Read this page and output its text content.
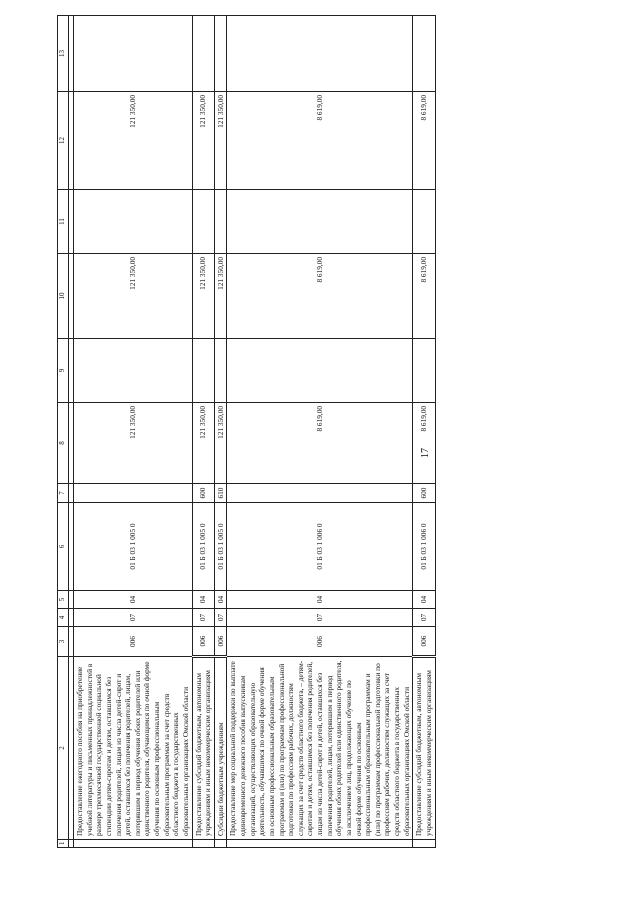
17
1	2	3	4	5	6	7	8	9	10	11	12	13

	Предоставление ежегодного пособия на приобретение учебной литературы и письменных принадлежностей в размере трехмесячной государственной социальной стипендии детям-сиротам и детям, оставшимся без попечения родителей, лицам из числа детей-сирот и детей, оставшихся без попечения родителей, лицам, потерявшим в период обучения обоих родителей или единственного родителя, обучающимся по очной форме обучения по основным профессиональным образовательным программам за счет средств областного бюджета в государственных образовательных организациях Омской области	006	07	04	01 Б 03 1 005 0		121 350,00		121 350,00		121 350,00	
	Предоставление субсидий бюджетным, автономным учреждениям и иным некоммерческим организациям	006	07	04	01 Б 03 1 005 0	600	121 350,00		121 350,00		121 350,00	
	Субсидии бюджетным учреждениям	006	07	04	01 Б 03 1 005 0	610	121 350,00		121 350,00		121 350,00	
	Предоставление мер социальной поддержки по выплате единовременного денежного пособия выпускникам организаций, осуществляющих образовательную деятельность, обучавшимся по очной форме обучения по основным профессиональным образовательным программам и (или) по программам профессиональной подготовки по профессиям рабочих, должностям служащих за счет средств областного бюджета, – детям-сиротам и детям, оставшимся без попечения родителей, лицам из числа детей-сирот и детей, оставшихся без попечения родителей, лицам, потерявшим в период обучения обоих родителей или единственного родителя, за исключением лиц, продолжающих обучение по очной форме обучения по основным профессиональным образовательным программам и (или) по программам профессиональной подготовки по профессиям рабочих, должностям служащих за счет средств областного бюджета в государственных образовательных организациях Омской области	006	07	04	01 Б 03 1 006 0		8 619,00		8 619,00		8 619,00	
	Предоставление субсидий бюджетным, автономным учреждениям и иным некоммерческим организациям	006	07	04	01 Б 03 1 006 0	600	8 619,00		8 619,00		8 619,00	
